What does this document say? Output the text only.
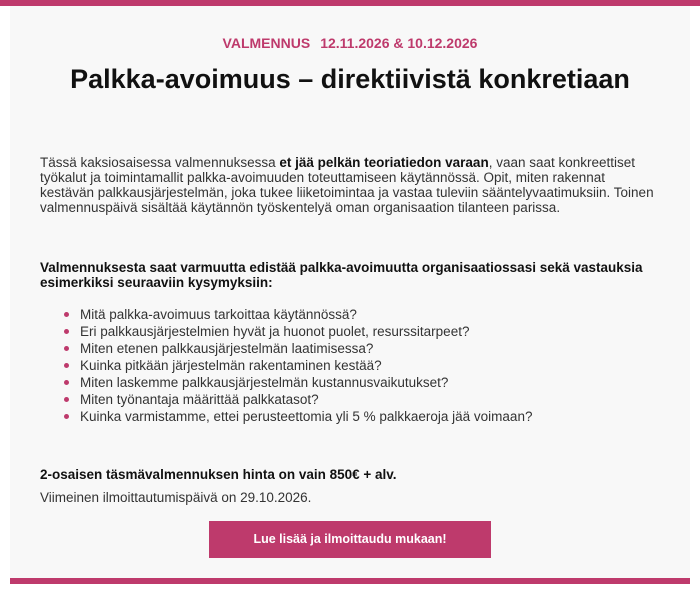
VALMENNUS 12.11.2026 & 10.12.2026
Palkka-avoimuus – direktiivistä konkretiaan

Tässä kaksiosaisessa valmennuksessa et jää pelkän teoriatiedon varaan, vaan saat konkreettiset työkalut ja toimintamallit palkka-avoimuuden toteuttamiseen käytännössä. Opit, miten rakennat kestävän palkkausjärjestelmän, joka tukee liiketoimintaa ja vastaa tuleviin sääntelyvaatimuksiin. Toinen valmennuspäivä sisältää käytännön työskentelyä oman organisaation tilanteen parissa.

Valmennuksesta saat varmuutta edistää palkka-avoimuutta organisaatiossasi sekä vastauksia esimerkiksi seuraaviin kysymyksiin:

Mitä palkka-avoimuus tarkoittaa käytännössä?
Eri palkkausjärjestelmien hyvät ja huonot puolet, resurssitarpeet?
Miten etenen palkkausjärjestelmän laatimisessa?
Kuinka pitkään järjestelmän rakentaminen kestää?
Miten laskemme palkkausjärjestelmän kustannusvaikutukset?
Miten työnantaja määrittää palkkatasot?
Kuinka varmistamme, ettei perusteettomia yli 5 % palkkaeroja jää voimaan?

2-osaisen täsmävalmennuksen hinta on vain 850€ + alv.

Viimeinen ilmoittautumispäivä on 29.10.2026.

Lue lisää ja ilmoittaudu mukaan!
